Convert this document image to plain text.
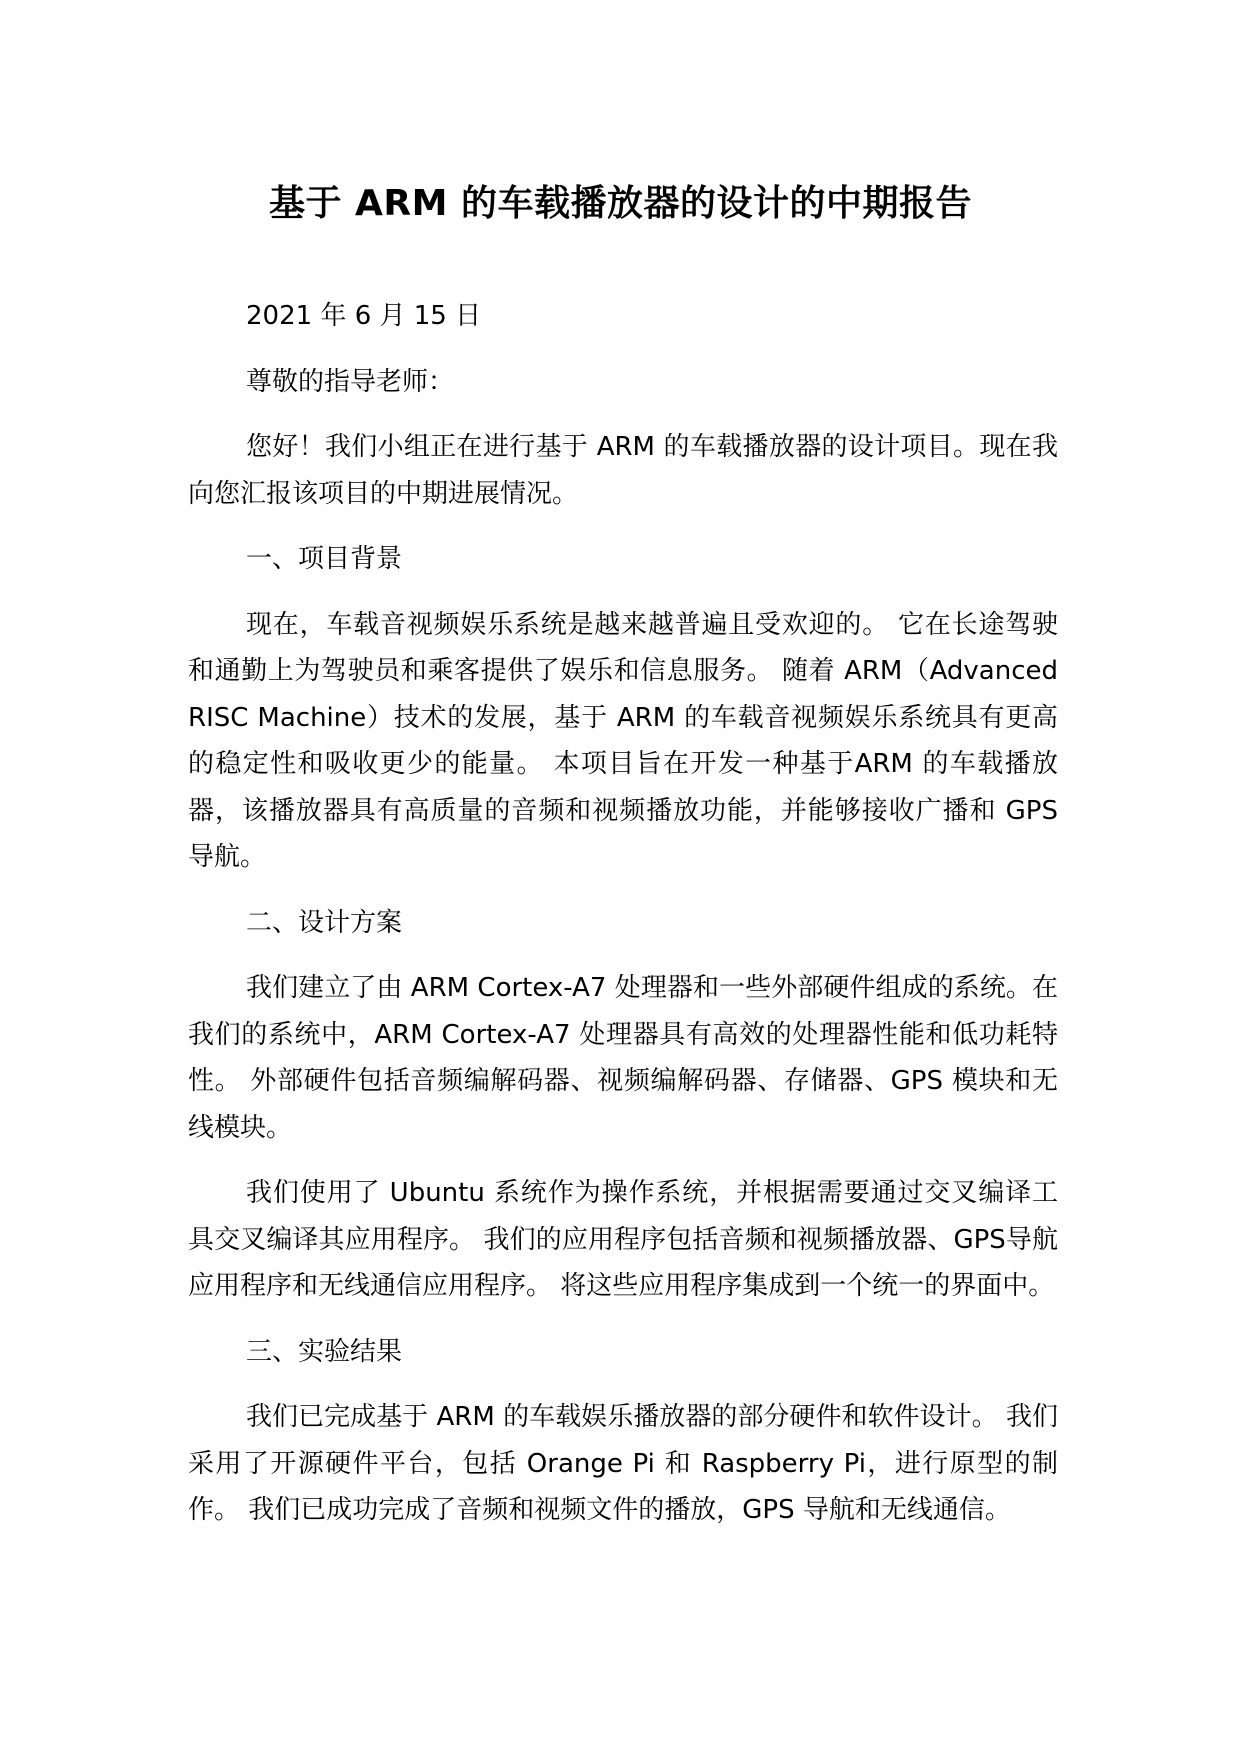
基于 ARM 的车载播放器的设计的中期报告

2021 年 6 月 15 日

尊敬的指导老师：

您好！我们小组正在进行基于 ARM 的车载播放器的设计项目。现在我向您汇报该项目的中期进展情况。

一、项目背景

现在，车载音视频娱乐系统是越来越普遍且受欢迎的。 它在长途驾驶和通勤上为驾驶员和乘客提供了娱乐和信息服务。 随着 ARM（Advanced RISC Machine）技术的发展，基于 ARM 的车载音视频娱乐系统具有更高的稳定性和吸收更少的能量。 本项目旨在开发一种基于ARM 的车载播放器，该播放器具有高质量的音频和视频播放功能，并能够接收广播和 GPS 导航。

二、设计方案

我们建立了由 ARM Cortex-A7 处理器和一些外部硬件组成的系统。在我们的系统中，ARM Cortex-A7 处理器具有高效的处理器性能和低功耗特性。 外部硬件包括音频编解码器、视频编解码器、存储器、GPS 模块和无线模块。

我们使用了 Ubuntu 系统作为操作系统，并根据需要通过交叉编译工具交叉编译其应用程序。 我们的应用程序包括音频和视频播放器、GPS导航应用程序和无线通信应用程序。 将这些应用程序集成到一个统一的界面中。

三、实验结果

我们已完成基于 ARM 的车载娱乐播放器的部分硬件和软件设计。 我们采用了开源硬件平台，包括 Orange Pi 和 Raspberry Pi，进行原型的制作。 我们已成功完成了音频和视频文件的播放，GPS 导航和无线通信。
